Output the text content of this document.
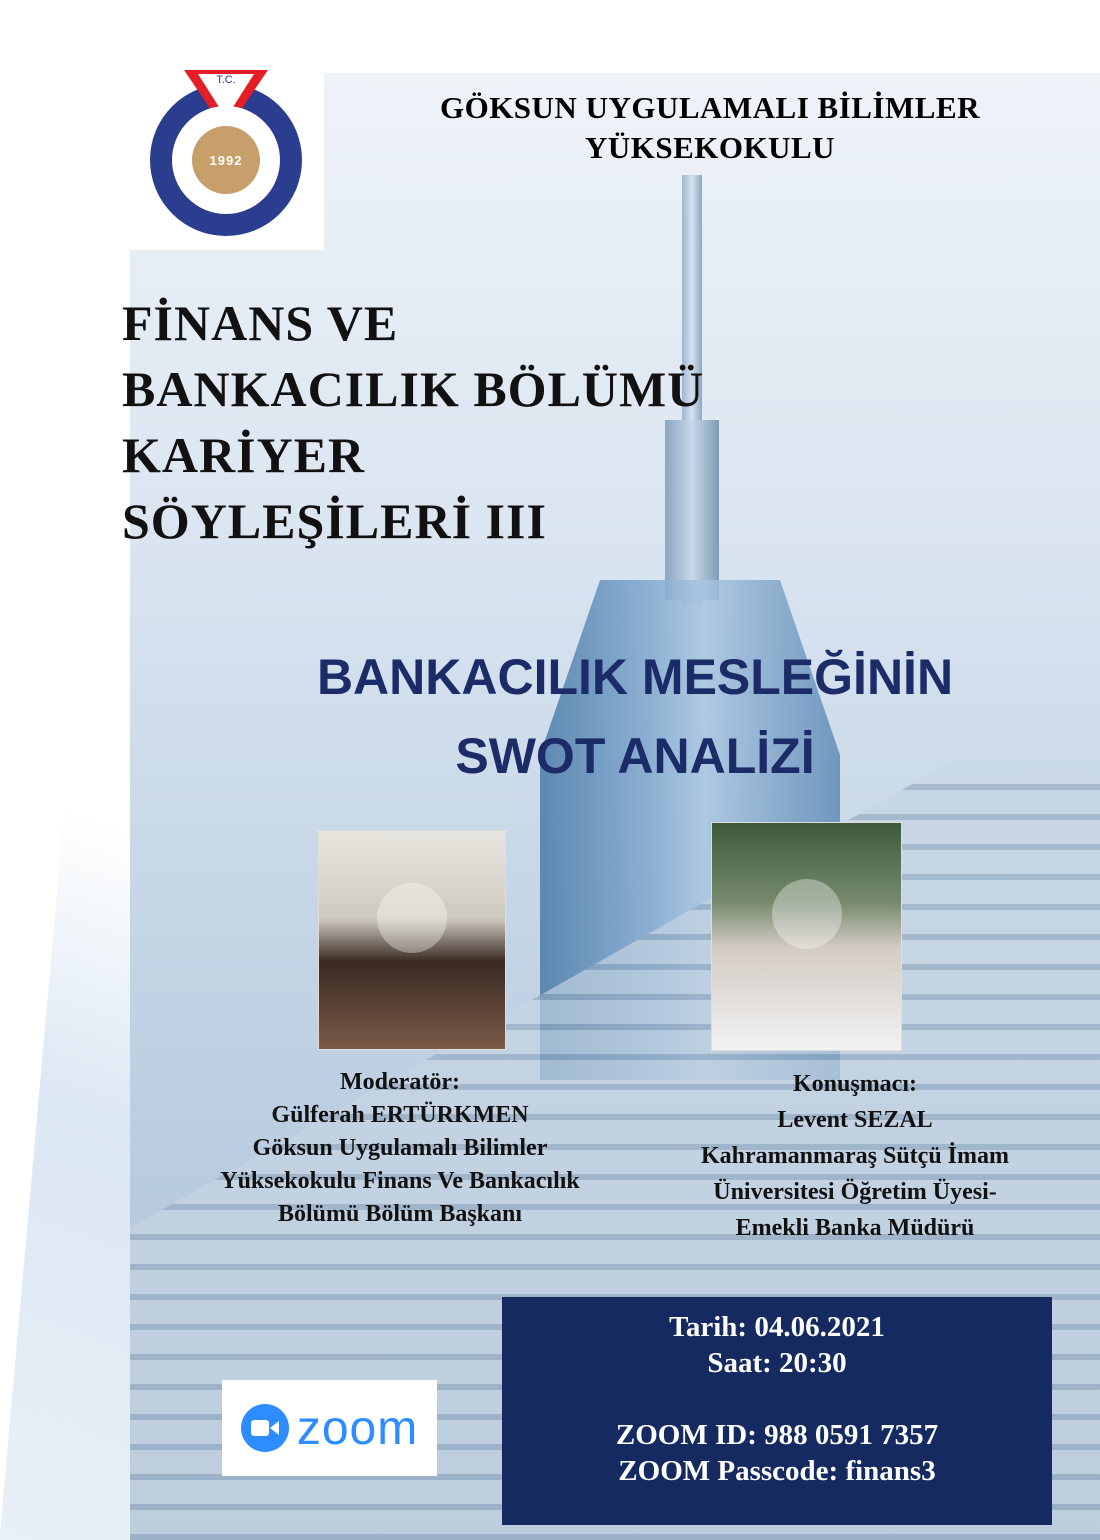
T.C.
1992
GÖKSUN UYGULAMALI BİLİMLER
YÜKSEKOKULU
FİNANS VE
BANKACILIK BÖLÜMÜ
KARİYER
SÖYLEŞİLERİ III
BANKACILIK MESLEĞİNİN
SWOT ANALİZİ
Moderatör:
Gülferah ERTÜRKMEN
Göksun Uygulamalı Bilimler
Yüksekokulu Finans Ve Bankacılık
Bölümü Bölüm Başkanı
Konuşmacı:
Levent SEZAL
Kahramanmaraş Sütçü İmam
Üniversitesi Öğretim Üyesi-
Emekli Banka Müdürü
Tarih: 04.06.2021
Saat: 20:30
ZOOM ID: 988 0591 7357
ZOOM Passcode: finans3
zoom
